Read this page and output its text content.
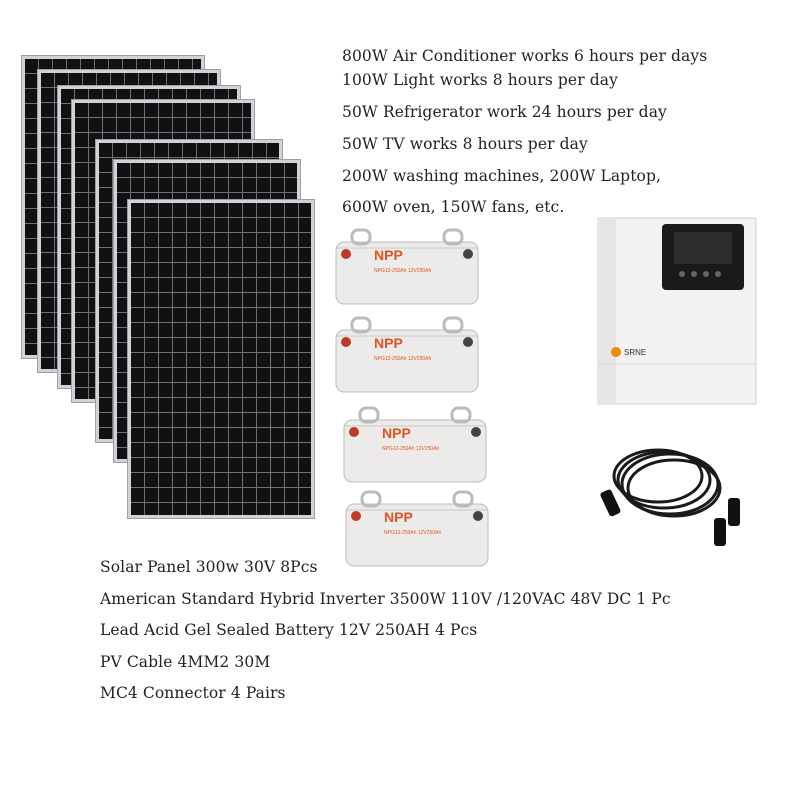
800W Air Conditioner works 6 hours per days
100W Light works 8 hours per day
50W Refrigerator work 24 hours per day
50W TV works 8 hours per day
200W washing machines, 200W Laptop,
600W oven, 150W fans, etc.
NPP
NPG12-250Ah 12V250Ah
NPP
NPG12-250Ah 12V250Ah
NPP
NPG12-250Ah 12V250Ah
NPP
NPG12-250Ah 12V250Ah
SRNE
Solar Panel 300w 30V 8Pcs
American Standard Hybrid Inverter 3500W 110V /120VAC 48V DC 1 Pc
Lead Acid Gel Sealed Battery 12V 250AH 4 Pcs
PV Cable 4MM2 30M
MC4 Connector 4 Pairs
